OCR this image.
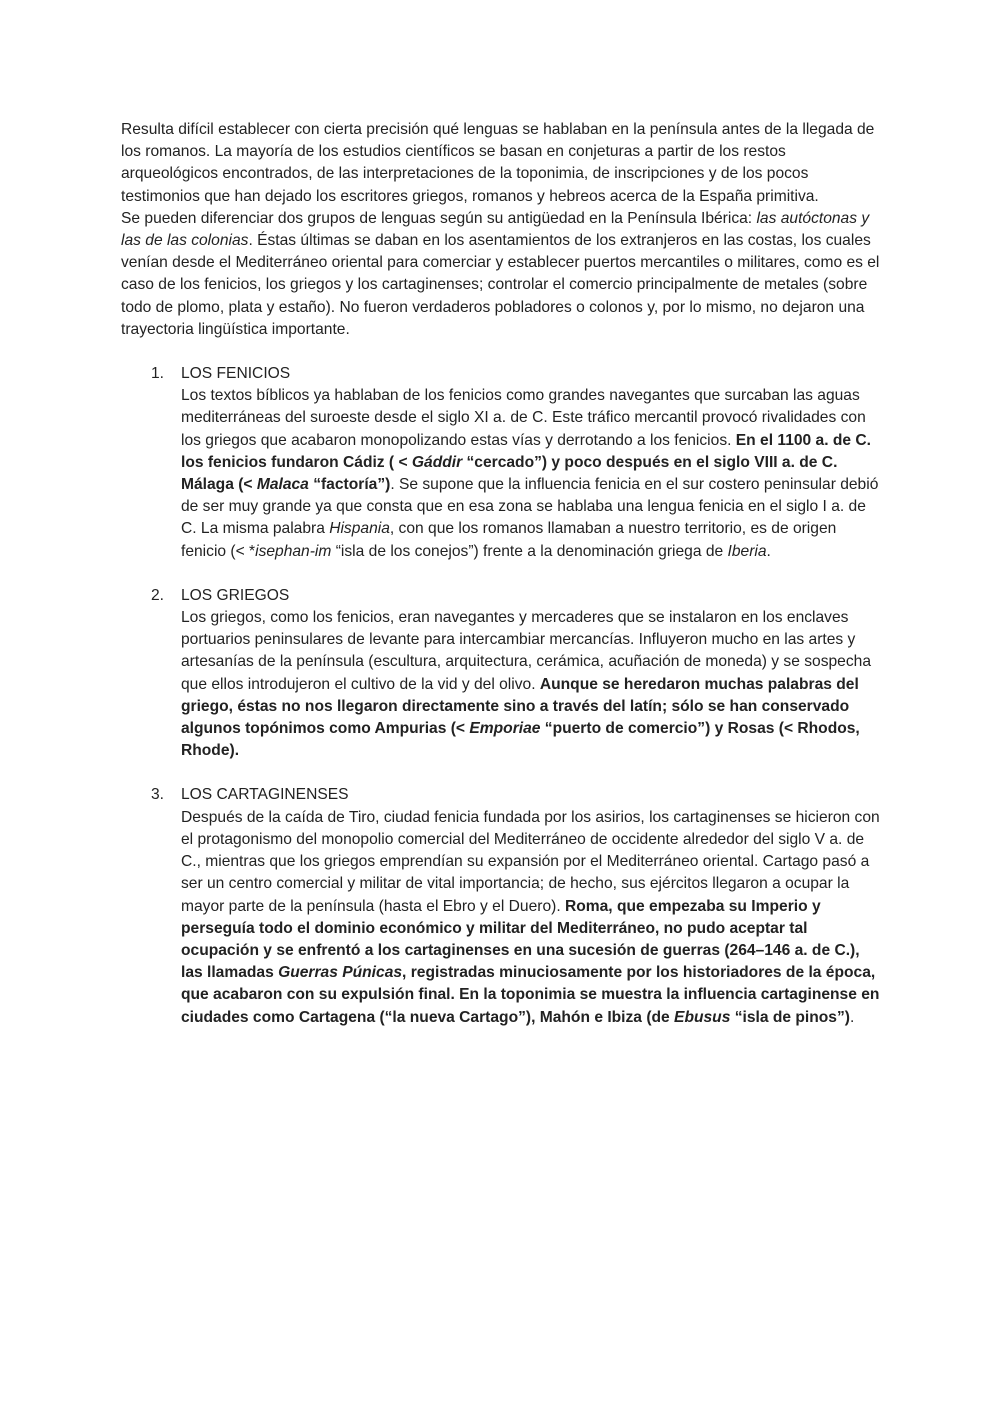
Resulta difícil establecer con cierta precisión qué lenguas se hablaban en la península antes de la llegada de los romanos. La mayoría de los estudios científicos se basan en conjeturas a partir de los restos arqueológicos encontrados, de las interpretaciones de la toponimia, de inscripciones y de los pocos testimonios que han dejado los escritores griegos, romanos y hebreos acerca de la España primitiva.

Se pueden diferenciar dos grupos de lenguas según su antigüedad en la Península Ibérica: las autóctonas y las de las colonias. Éstas últimas se daban en los asentamientos de los extranjeros en las costas, los cuales venían desde el Mediterráneo oriental para comerciar y establecer puertos mercantiles o militares, como es el caso de los fenicios, los griegos y los cartaginenses; controlar el comercio principalmente de metales (sobre todo de plomo, plata y estaño). No fueron verdaderos pobladores o colonos y, por lo mismo, no dejaron una trayectoria lingüística importante.

1. LOS FENICIOS

Los textos bíblicos ya hablaban de los fenicios como grandes navegantes que surcaban las aguas mediterráneas del suroeste desde el siglo XI a. de C. Este tráfico mercantil provocó rivalidades con los griegos que acabaron monopolizando estas vías y derrotando a los fenicios. En el 1100 a. de C. los fenicios fundaron Cádiz ( < Gáddir “cercado”) y poco después en el siglo VIII a. de C. Málaga (< Malaca “factoría”). Se supone que la influencia fenicia en el sur costero peninsular debió de ser muy grande ya que consta que en esa zona se hablaba una lengua fenicia en el siglo I a. de C. La misma palabra Hispania, con que los romanos llamaban a nuestro territorio, es de origen fenicio (< *isephan-im “isla de los conejos”) frente a la denominación griega de Iberia.

2. LOS GRIEGOS

Los griegos, como los fenicios, eran navegantes y mercaderes que se instalaron en los enclaves portuarios peninsulares de levante para intercambiar mercancías. Influyeron mucho en las artes y artesanías de la península (escultura, arquitectura, cerámica, acuñación de moneda) y se sospecha que ellos introdujeron el cultivo de la vid y del olivo. Aunque se heredaron muchas palabras del griego, éstas no nos llegaron directamente sino a través del latín; sólo se han conservado algunos topónimos como Ampurias (< Emporiae “puerto de comercio”) y Rosas (< Rhodos, Rhode).

3. LOS CARTAGINENSES

Después de la caída de Tiro, ciudad fenicia fundada por los asirios, los cartaginenses se hicieron con el protagonismo del monopolio comercial del Mediterráneo de occidente alrededor del siglo V a. de C., mientras que los griegos emprendían su expansión por el Mediterráneo oriental. Cartago pasó a ser un centro comercial y militar de vital importancia; de hecho, sus ejércitos llegaron a ocupar la mayor parte de la península (hasta el Ebro y el Duero). Roma, que empezaba su Imperio y perseguía todo el dominio económico y militar del Mediterráneo, no pudo aceptar tal ocupación y se enfrentó a los cartaginenses en una sucesión de guerras (264–146 a. de C.), las llamadas Guerras Púnicas, registradas minuciosamente por los historiadores de la época, que acabaron con su expulsión final. En la toponimia se muestra la influencia cartaginense en ciudades como Cartagena (“la nueva Cartago”), Mahón e Ibiza (de Ebusus “isla de pinos”).
